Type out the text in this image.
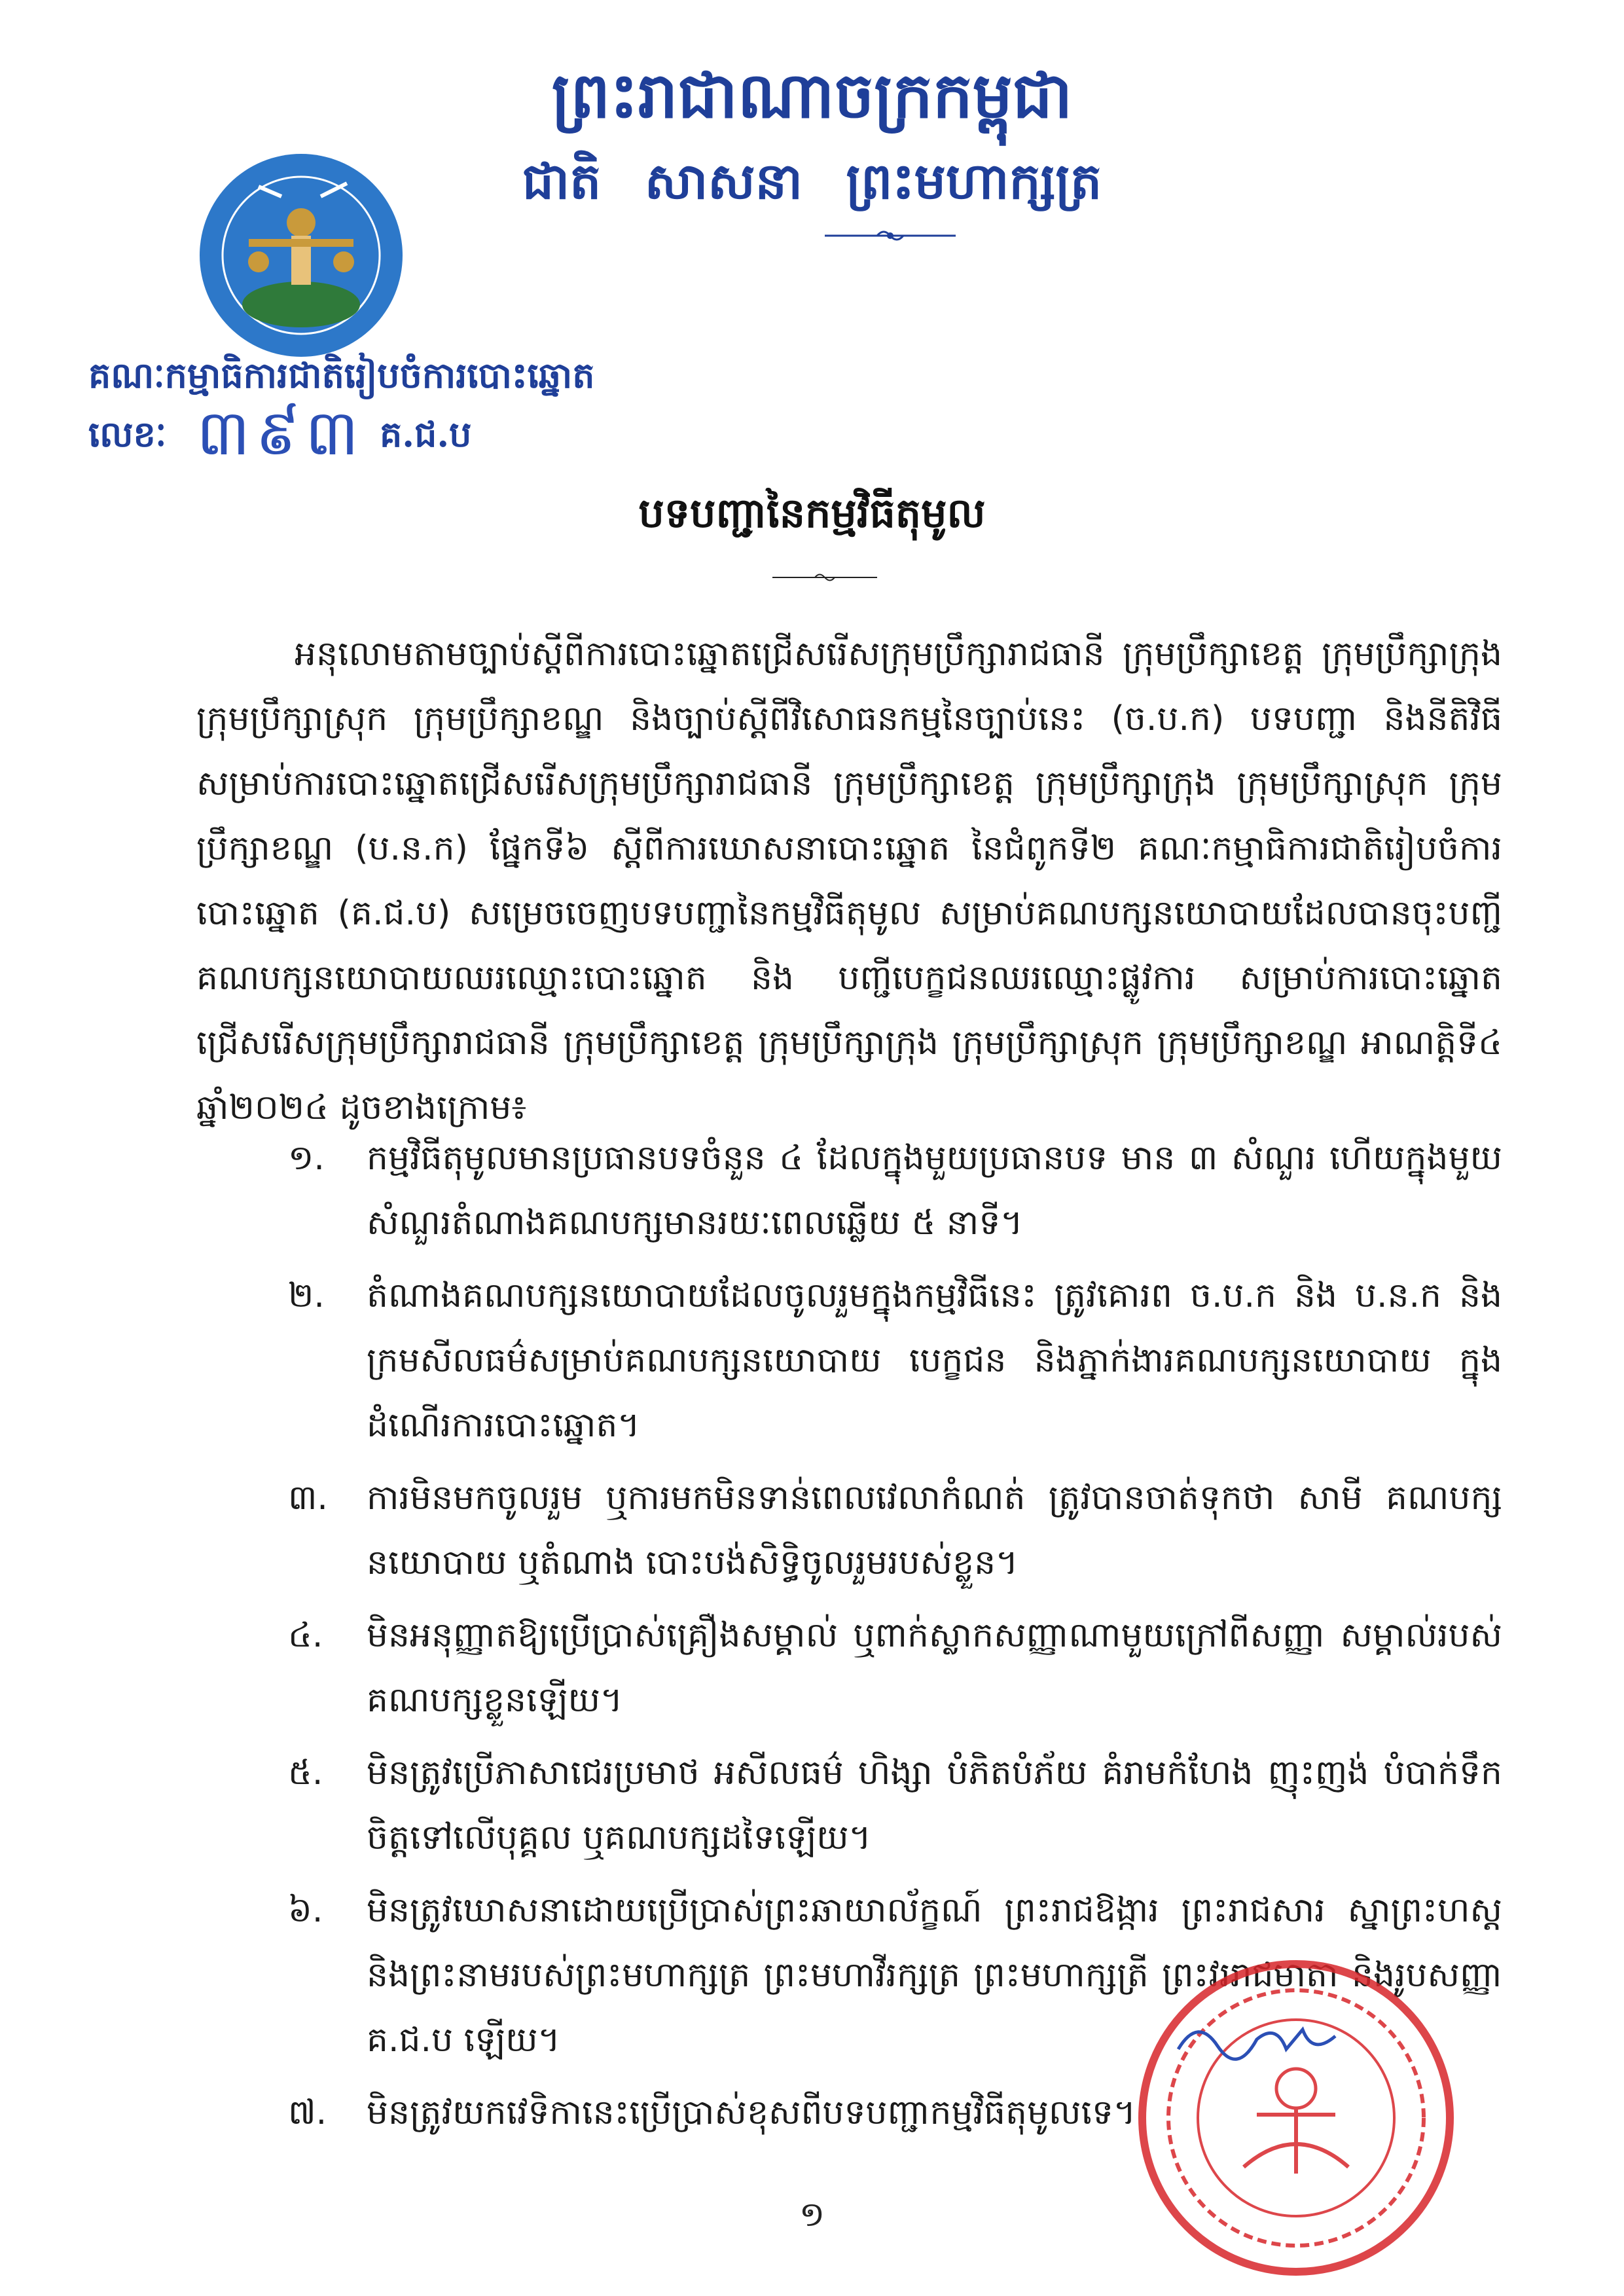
ព្រះរាជាណាចក្រកម្ពុជា
ជាតិ សាសនា ព្រះមហាក្សត្រ
គណៈកម្មាធិការជាតិរៀបចំការបោះឆ្នោត
លេខៈ ៣៩៣ គ.ជ.ប
បទបញ្ជានៃកម្មវិធីតុមូល
អនុលោមតាមច្បាប់ស្តីពីការបោះឆ្នោតជ្រើសរើសក្រុមប្រឹក្សារាជធានី ក្រុមប្រឹក្សាខេត្ត ក្រុមប្រឹក្សាក្រុង ក្រុមប្រឹក្សាស្រុក ក្រុមប្រឹក្សាខណ្ឌ និងច្បាប់ស្តីពីវិសោធនកម្មនៃច្បាប់នេះ (ច.ប.ក) បទបញ្ជា និងនីតិវិធីសម្រាប់ការបោះឆ្នោតជ្រើសរើសក្រុមប្រឹក្សារាជធានី ក្រុមប្រឹក្សាខេត្ត ក្រុមប្រឹក្សាក្រុង ក្រុមប្រឹក្សាស្រុក ក្រុមប្រឹក្សាខណ្ឌ (ប.ន.ក) ផ្នែកទី៦ ស្តីពីការឃោសនាបោះឆ្នោត នៃជំពូកទី២ គណៈកម្មាធិការជាតិរៀបចំការបោះឆ្នោត (គ.ជ.ប) សម្រេចចេញបទបញ្ជានៃកម្មវិធីតុមូល សម្រាប់គណបក្សនយោបាយដែលបានចុះបញ្ជីគណបក្សនយោបាយឈរឈ្មោះបោះឆ្នោត និង បញ្ជីបេក្ខជនឈរឈ្មោះផ្លូវការ សម្រាប់ការបោះឆ្នោតជ្រើសរើសក្រុមប្រឹក្សារាជធានី ក្រុមប្រឹក្សាខេត្ត ក្រុមប្រឹក្សាក្រុង ក្រុមប្រឹក្សាស្រុក ក្រុមប្រឹក្សាខណ្ឌ អាណត្តិទី៤ ឆ្នាំ២០២៤ ដូចខាងក្រោម៖
១. កម្មវិធីតុមូលមានប្រធានបទចំនួន ៤ ដែលក្នុងមួយប្រធានបទ មាន ៣ សំណួរ ហើយក្នុងមួយសំណួរតំណាងគណបក្សមានរយៈពេលឆ្លើយ ៥ នាទី។
២. តំណាងគណបក្សនយោបាយដែលចូលរួមក្នុងកម្មវិធីនេះ ត្រូវគោរព ច.ប.ក និង ប.ន.ក និងក្រមសីលធម៌សម្រាប់គណបក្សនយោបាយ បេក្ខជន និងភ្នាក់ងារគណបក្សនយោបាយ ក្នុងដំណើរការបោះឆ្នោត។
៣. ការមិនមកចូលរួម ឬការមកមិនទាន់ពេលវេលាកំណត់ ត្រូវបានចាត់ទុកថា សាមី គណបក្សនយោបាយ ឬតំណាង បោះបង់សិទ្ធិចូលរួមរបស់ខ្លួន។
៤. មិនអនុញ្ញាតឱ្យប្រើប្រាស់គ្រឿងសម្គាល់ ឬពាក់ស្លាកសញ្ញាណាមួយក្រៅពីសញ្ញា សម្គាល់របស់គណបក្សខ្លួនឡើយ។
៥. មិនត្រូវប្រើភាសាជេរប្រមាថ អសីលធម៌ ហិង្សា បំភិតបំភ័យ គំរាមកំហែង ញុះញង់ បំបាក់ទឹកចិត្តទៅលើបុគ្គល ឬគណបក្សដទៃឡើយ។
៦. មិនត្រូវឃោសនាដោយប្រើប្រាស់ព្រះឆាយាល័ក្ខណ៍ ព្រះរាជឱង្ការ ព្រះរាជសារ ស្នាព្រះហស្ត និងព្រះនាមរបស់ព្រះមហាក្សត្រ ព្រះមហាវីរក្សត្រ ព្រះមហាក្សត្រី ព្រះវររាជមាតា និងរូបសញ្ញា គ.ជ.ប ឡើយ។
៧. មិនត្រូវយកវេទិកានេះប្រើប្រាស់ខុសពីបទបញ្ជាកម្មវិធីតុមូលទេ។
១
